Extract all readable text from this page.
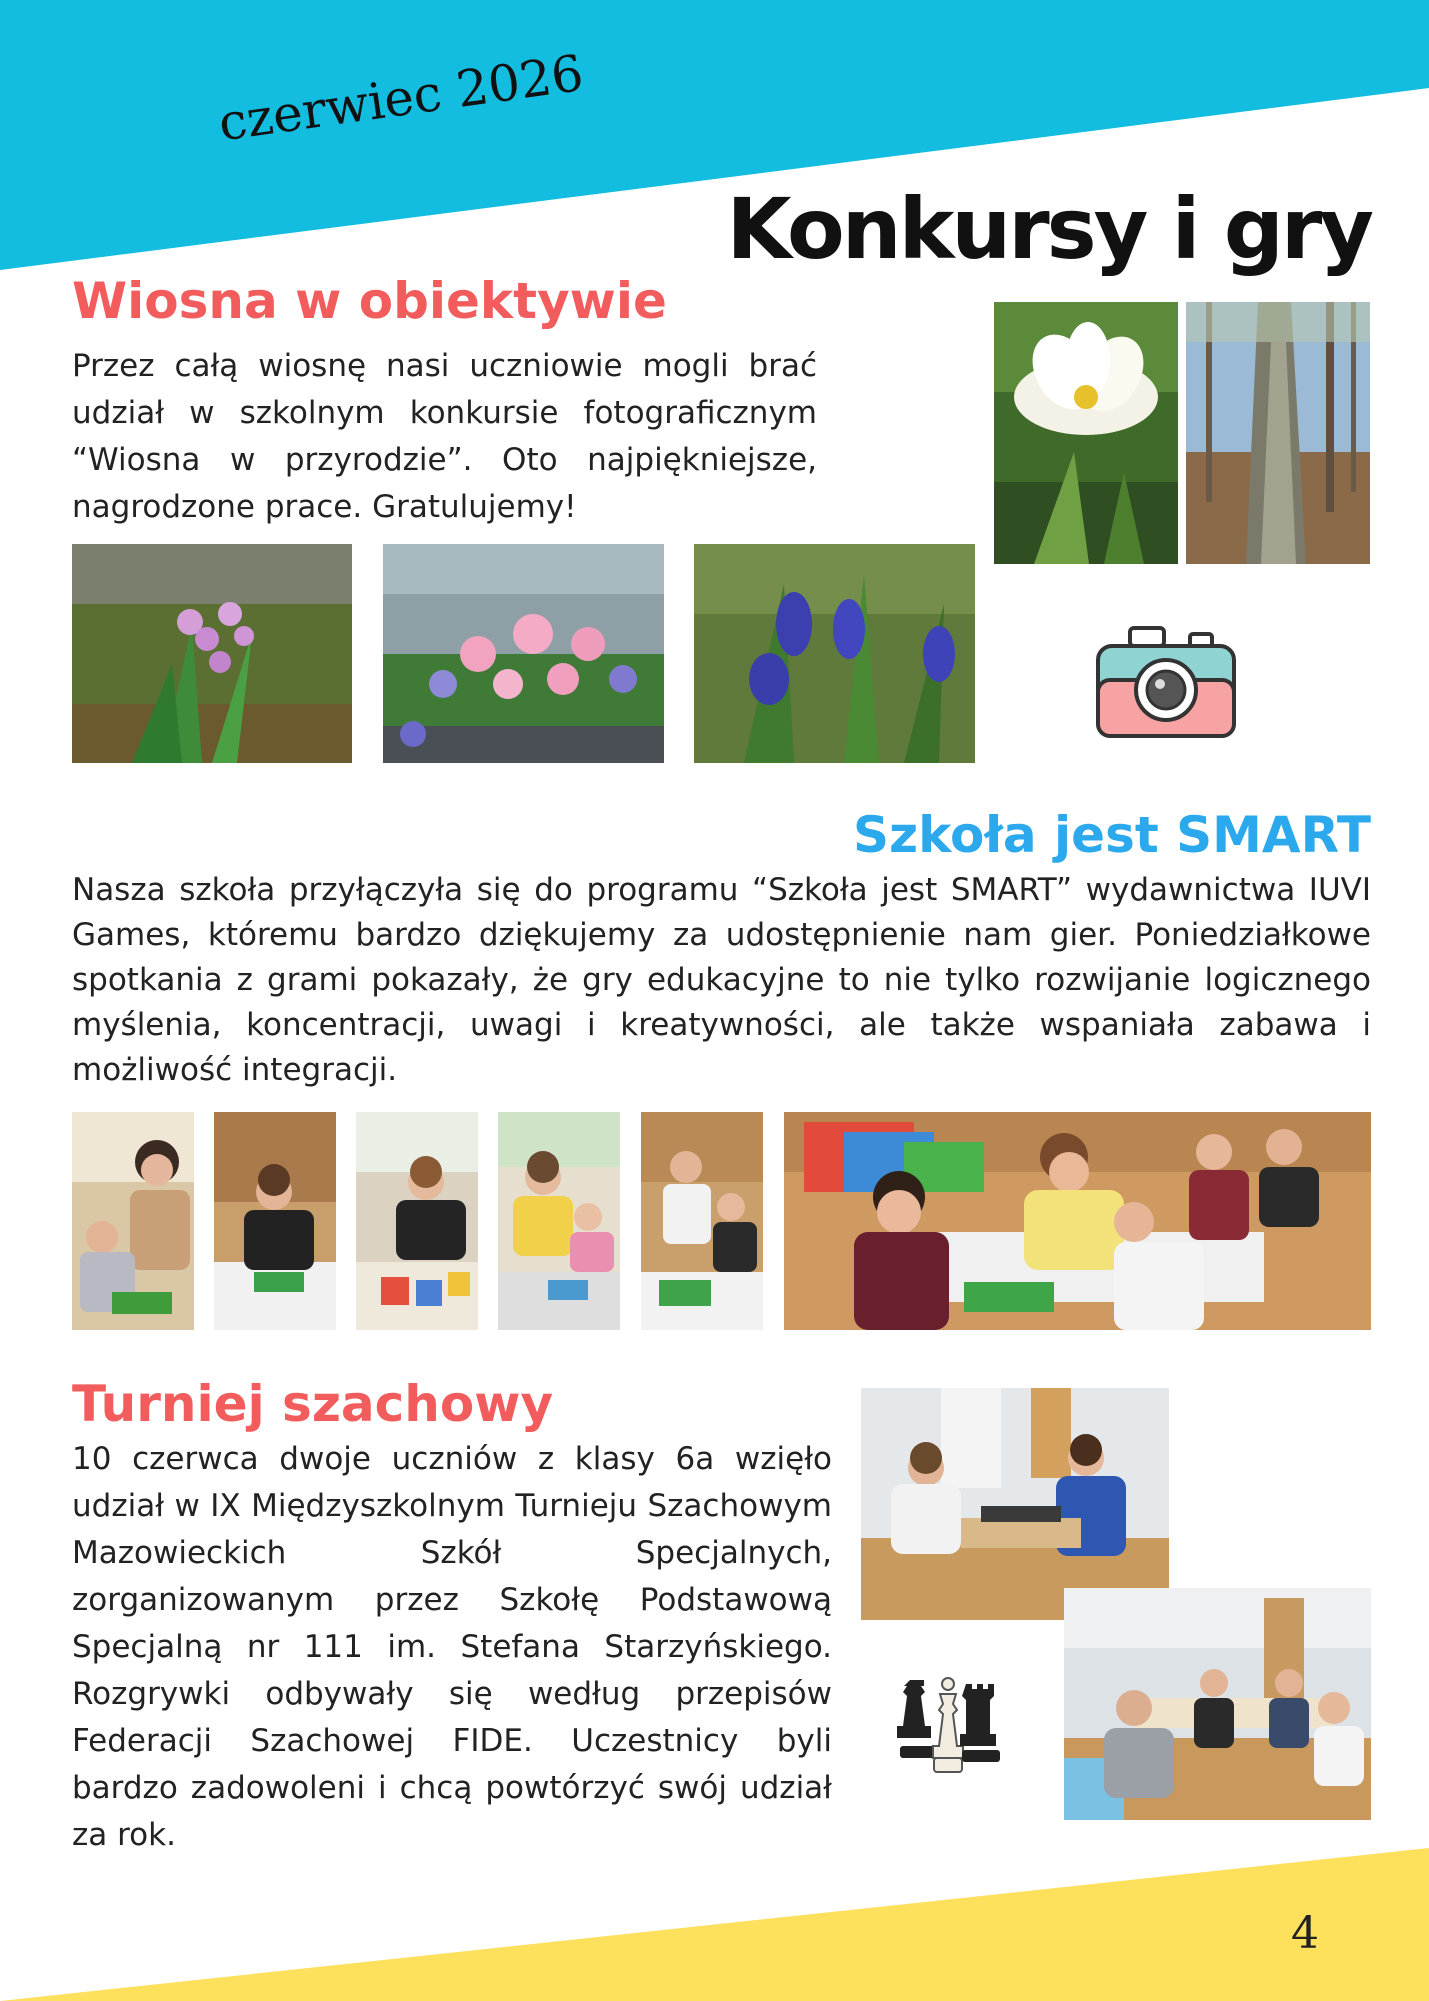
czerwiec 2026
Konkursy i gry
Wiosna w obiektywie

Przez całą wiosnę nasi uczniowie mogli brać udział w szkolnym konkursie fotograficznym “Wiosna w przyrodzie”. Oto najpiękniejsze, nagrodzone prace. Gratulujemy!

Szkoła jest SMART

Nasza szkoła przyłączyła się do programu “Szkoła jest SMART” wydawnictwa IUVI Games, któremu bardzo dziękujemy za udostępnienie nam gier. Poniedziałkowe spotkania z grami pokazały, że gry edukacyjne to nie tylko rozwijanie logicznego myślenia, koncentracji, uwagi i kreatywności, ale także wspaniała zabawa i możliwość integracji.

Turniej szachowy

10 czerwca dwoje uczniów z klasy 6a wzięło udział w IX Międzyszkolnym Turnieju Szachowym Mazowieckich Szkół Specjalnych, zorganizowanym przez Szkołę Podstawową Specjalną nr 111 im. Stefana Starzyńskiego. Rozgrywki odbywały się według przepisów Federacji Szachowej FIDE. Uczestnicy byli bardzo zadowoleni i chcą powtórzyć swój udział za rok.

4
